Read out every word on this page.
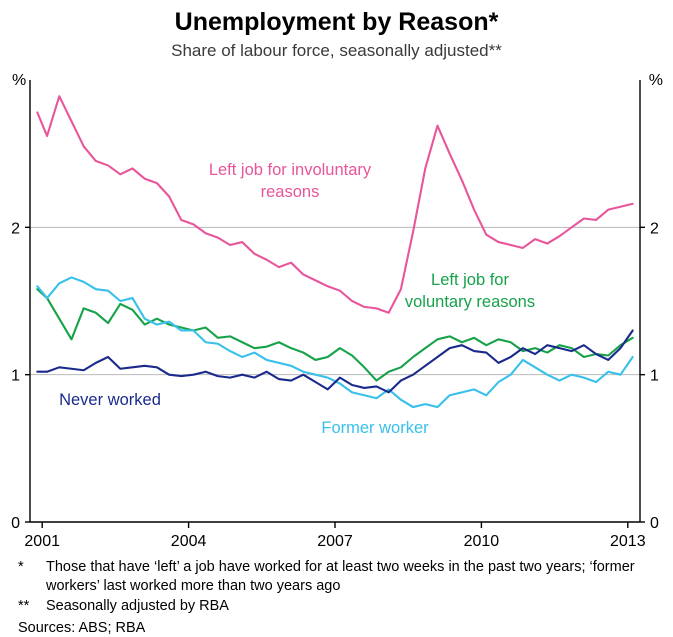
Unemployment by Reason*
Share of labour force, seasonally adjusted**
%	%
0	0
1	1
2	2
2001	2004	2007	2010	2013
Left job for involuntary
reasons
Left job for
voluntary reasons
Former worker
Never worked
*	Those that have ‘left’ a job have worked for at least two weeks in the past two years; ‘former workers’ last worked more than two years ago
**	Seasonally adjusted by RBA
Sources: ABS; RBA
